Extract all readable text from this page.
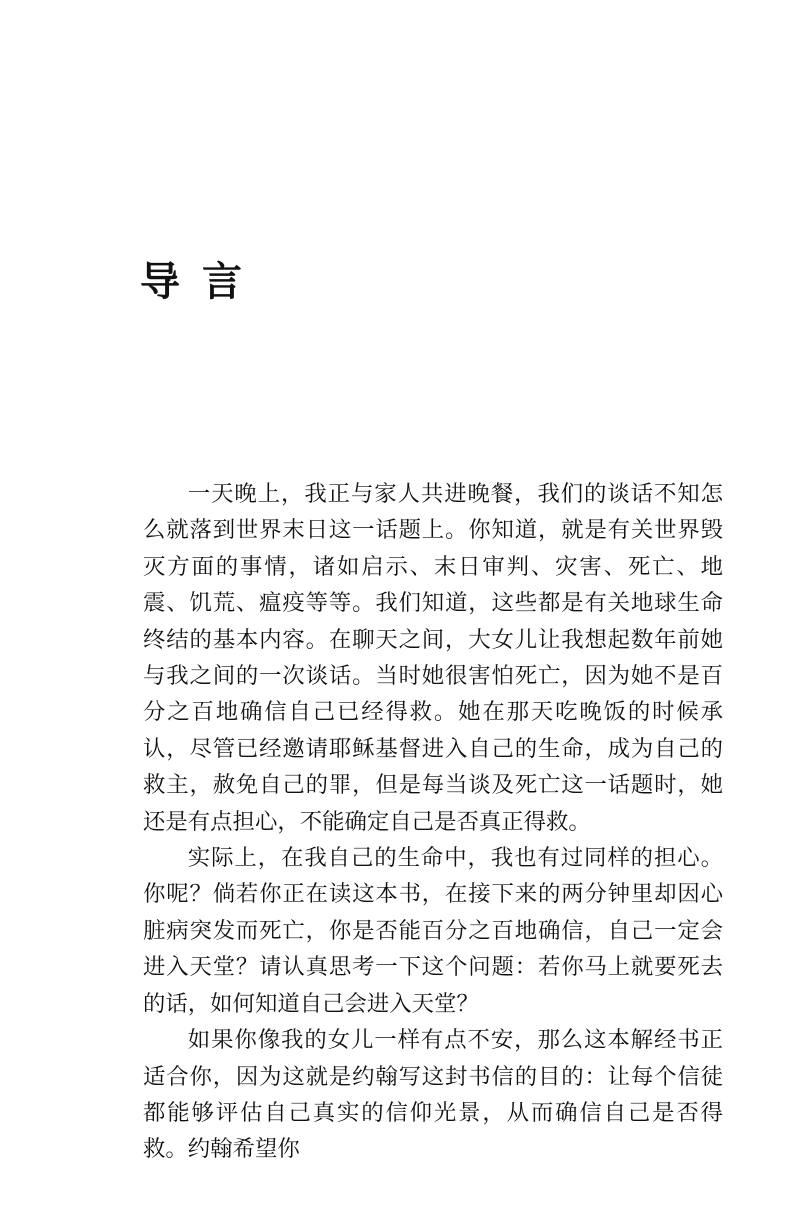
导言

一天晚上，我正与家人共进晚餐，我们的谈话不知怎么就落到世界末日这一话题上。你知道，就是有关世界毁灭方面的事情，诸如启示、末日审判、灾害、死亡、地震、饥荒、瘟疫等等。我们知道，这些都是有关地球生命终结的基本内容。在聊天之间，大女儿让我想起数年前她与我之间的一次谈话。当时她很害怕死亡，因为她不是百分之百地确信自己已经得救。她在那天吃晚饭的时候承认，尽管已经邀请耶稣基督进入自己的生命，成为自己的救主，赦免自己的罪，但是每当谈及死亡这一话题时，她还是有点担心，不能确定自己是否真正得救。

实际上，在我自己的生命中，我也有过同样的担心。你呢？倘若你正在读这本书，在接下来的两分钟里却因心脏病突发而死亡，你是否能百分之百地确信，自己一定会进入天堂？请认真思考一下这个问题：若你马上就要死去的话，如何知道自己会进入天堂？

如果你像我的女儿一样有点不安，那么这本解经书正适合你，因为这就是约翰写这封书信的目的：让每个信徒都能够评估自己真实的信仰光景，从而确信自己是否得救。约翰希望你
